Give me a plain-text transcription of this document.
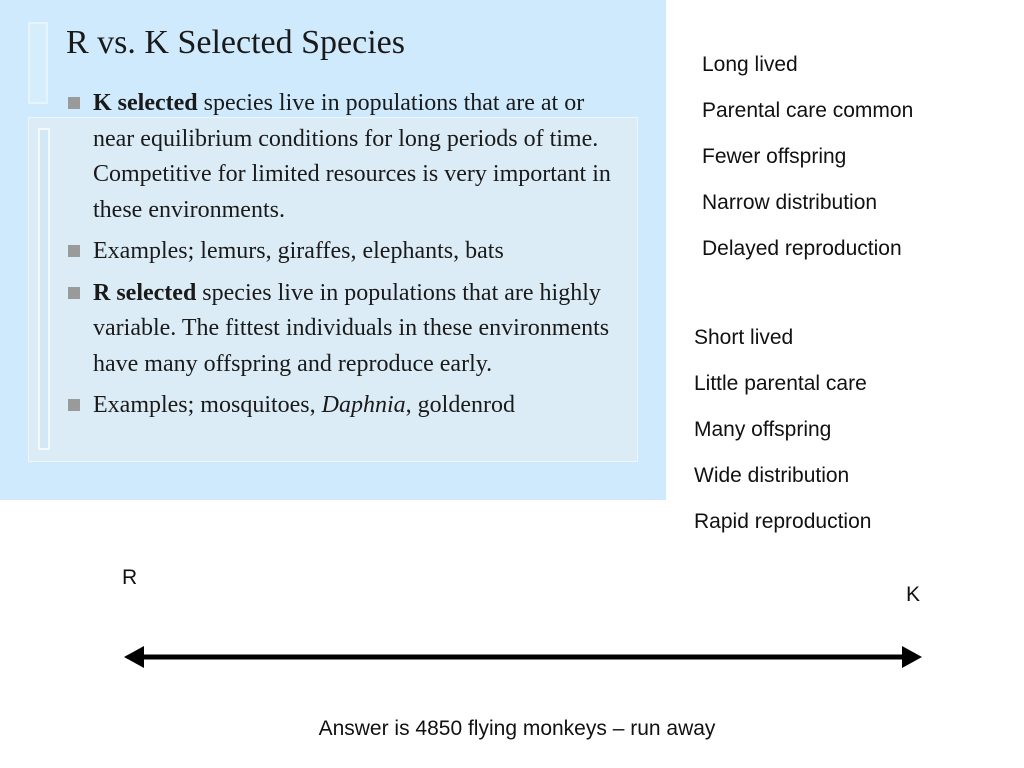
R vs. K Selected Species
K selected species live in populations that are at or near equilibrium conditions for long periods of time. Competitive for limited resources is very important in these environments.
Examples; lemurs, giraffes, elephants, bats
R selected species live in populations that are highly variable. The fittest individuals in these environments have many offspring and reproduce early.
Examples; mosquitoes, Daphnia, goldenrod
Long lived
Parental care common
Fewer offspring
Narrow distribution
Delayed reproduction
Short lived
Little parental care
Many offspring
Wide distribution
Rapid reproduction
R
K
Answer is 4850 flying monkeys – run away
